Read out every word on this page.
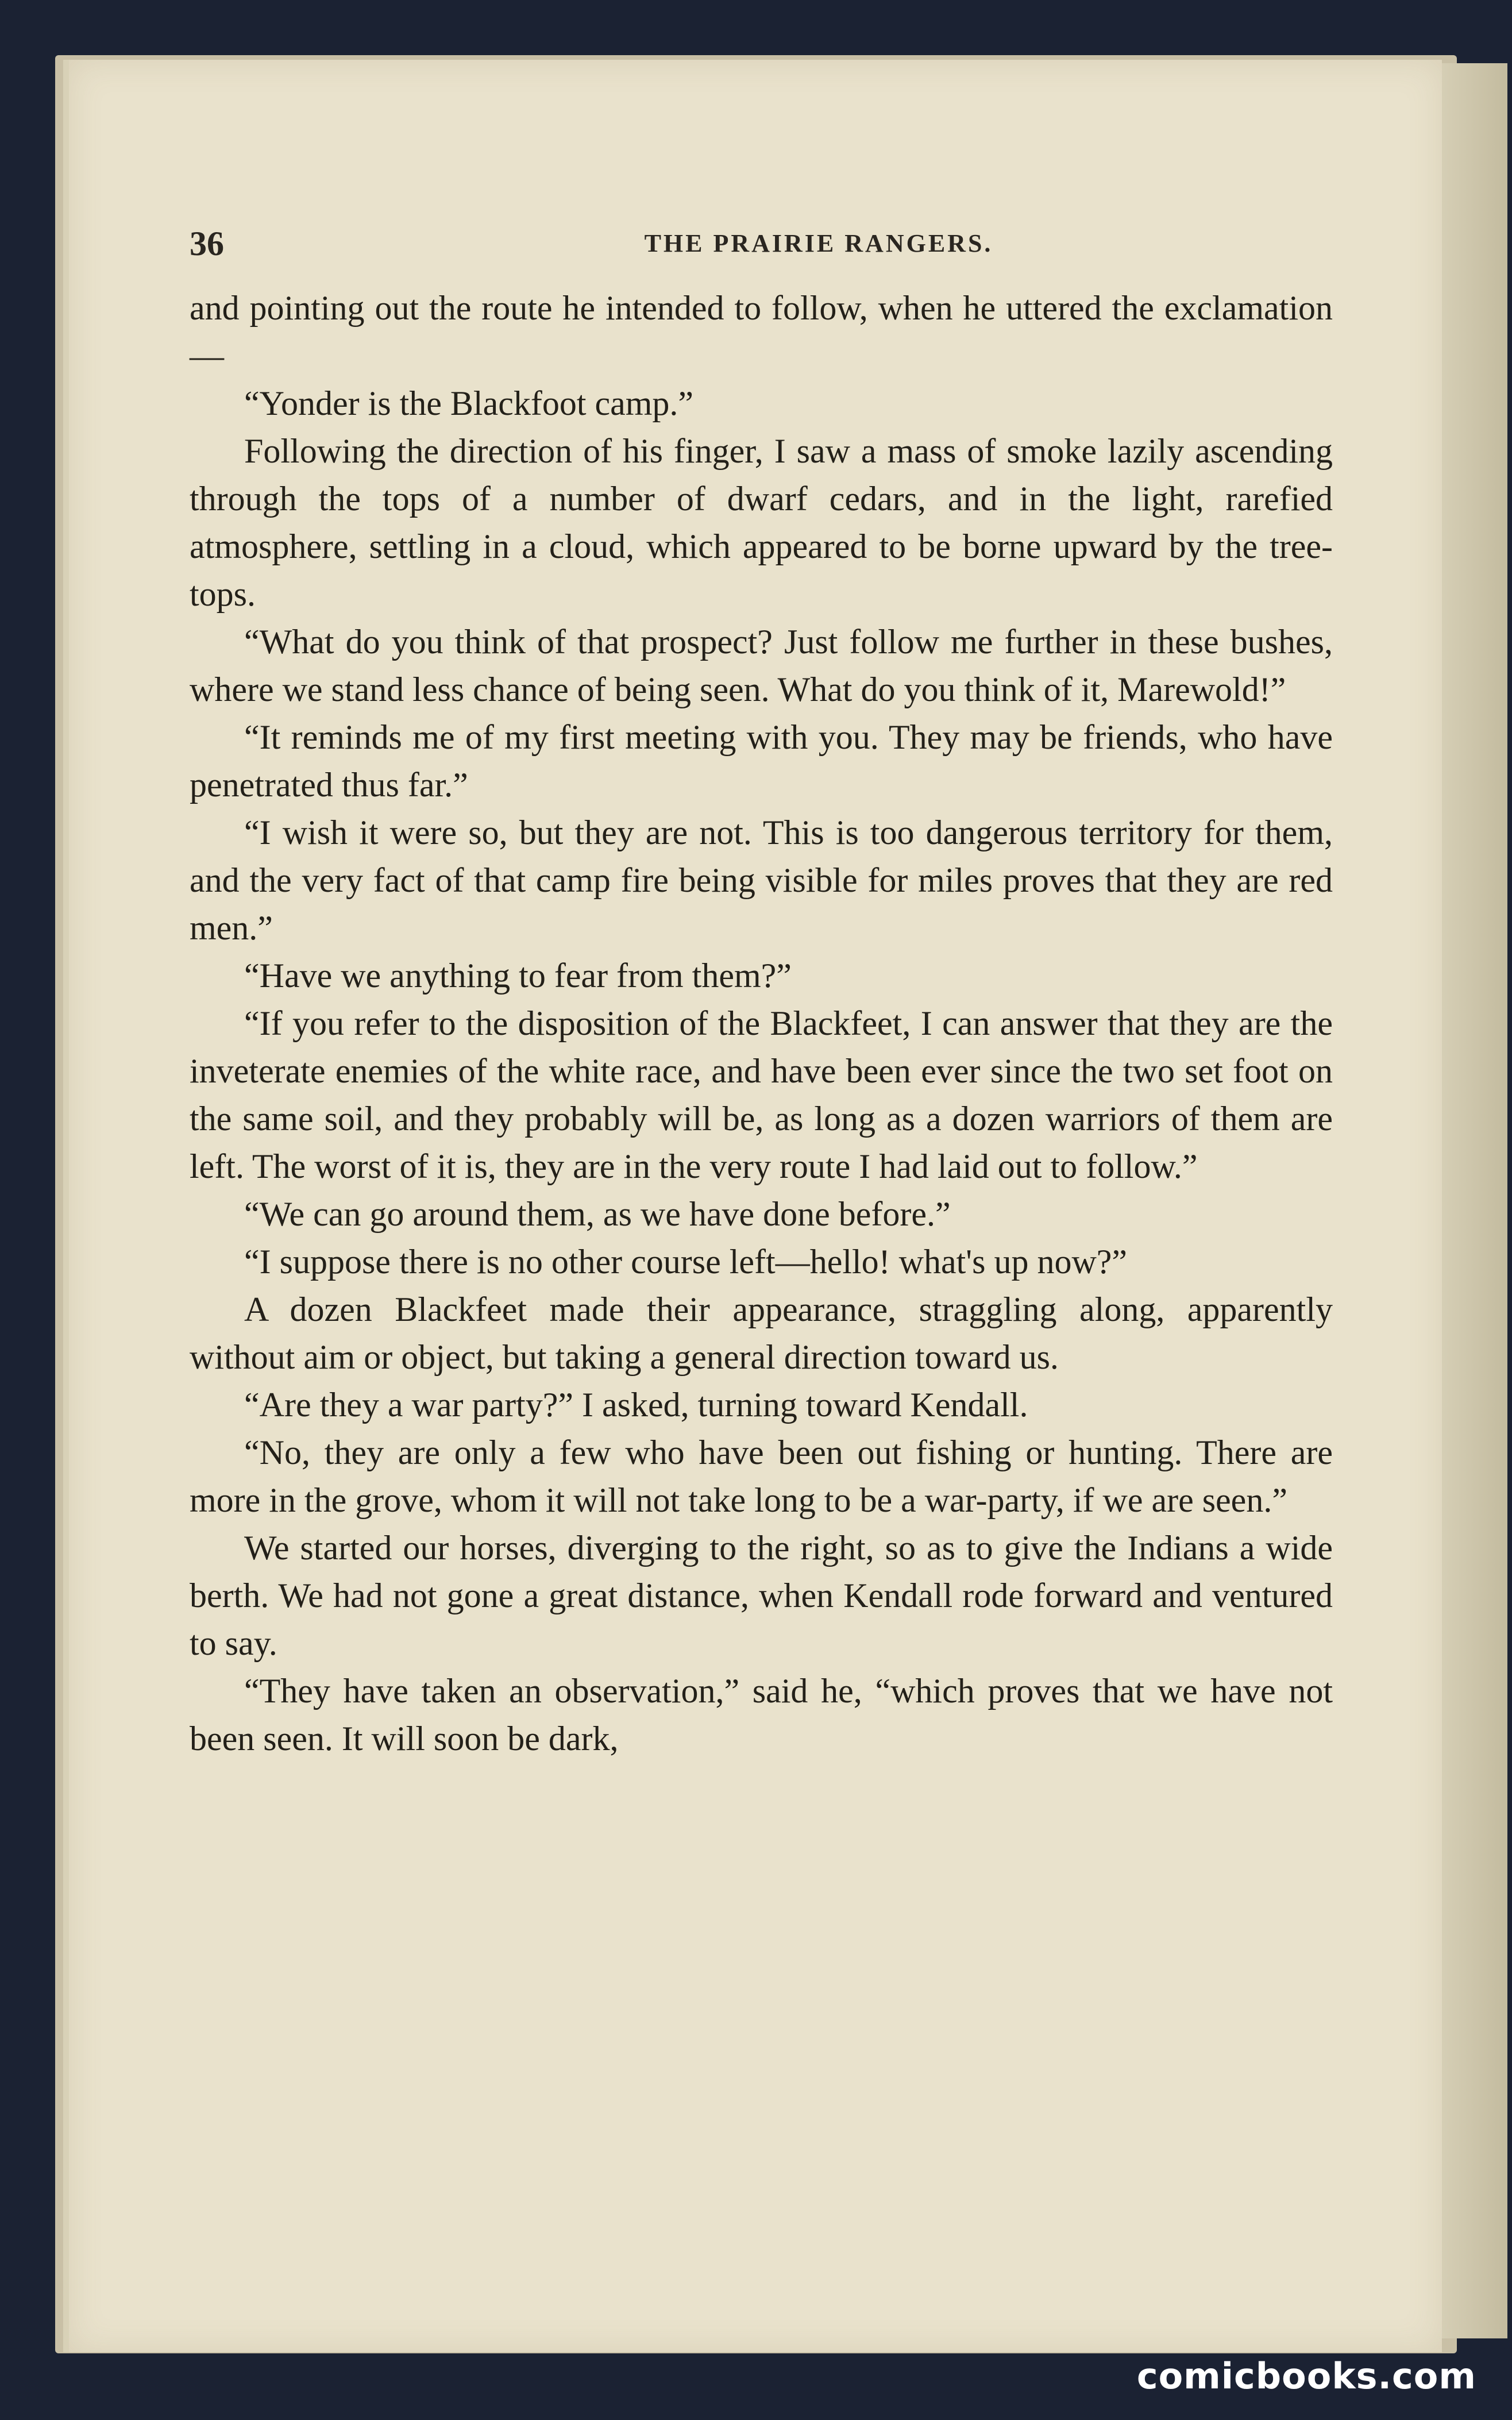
36	THE PRAIRIE RANGERS.

and pointing out the route he intended to follow, when he uttered the exclamation—

“Yonder is the Blackfoot camp.”

Following the direction of his finger, I saw a mass of smoke lazily ascending through the tops of a number of dwarf cedars, and in the light, rarefied atmosphere, settling in a cloud, which appeared to be borne upward by the tree-tops.

“What do you think of that prospect? Just follow me further in these bushes, where we stand less chance of being seen. What do you think of it, Marewold!”

“It reminds me of my first meeting with you. They may be friends, who have penetrated thus far.”

“I wish it were so, but they are not. This is too dangerous territory for them, and the very fact of that camp fire being visible for miles proves that they are red men.”

“Have we anything to fear from them?”

“If you refer to the disposition of the Blackfeet, I can answer that they are the inveterate enemies of the white race, and have been ever since the two set foot on the same soil, and they probably will be, as long as a dozen warriors of them are left. The worst of it is, they are in the very route I had laid out to follow.”

“We can go around them, as we have done before.”

“I suppose there is no other course left—hello! what's up now?”

A dozen Blackfeet made their appearance, straggling along, apparently without aim or object, but taking a general direction toward us.

“Are they a war party?” I asked, turning toward Kendall.

“No, they are only a few who have been out fishing or hunting. There are more in the grove, whom it will not take long to be a war-party, if we are seen.”

We started our horses, diverging to the right, so as to give the Indians a wide berth. We had not gone a great distance, when Kendall rode forward and ventured to say.

“They have taken an observation,” said he, “which proves that we have not been seen. It will soon be dark,

comicbooks.com
